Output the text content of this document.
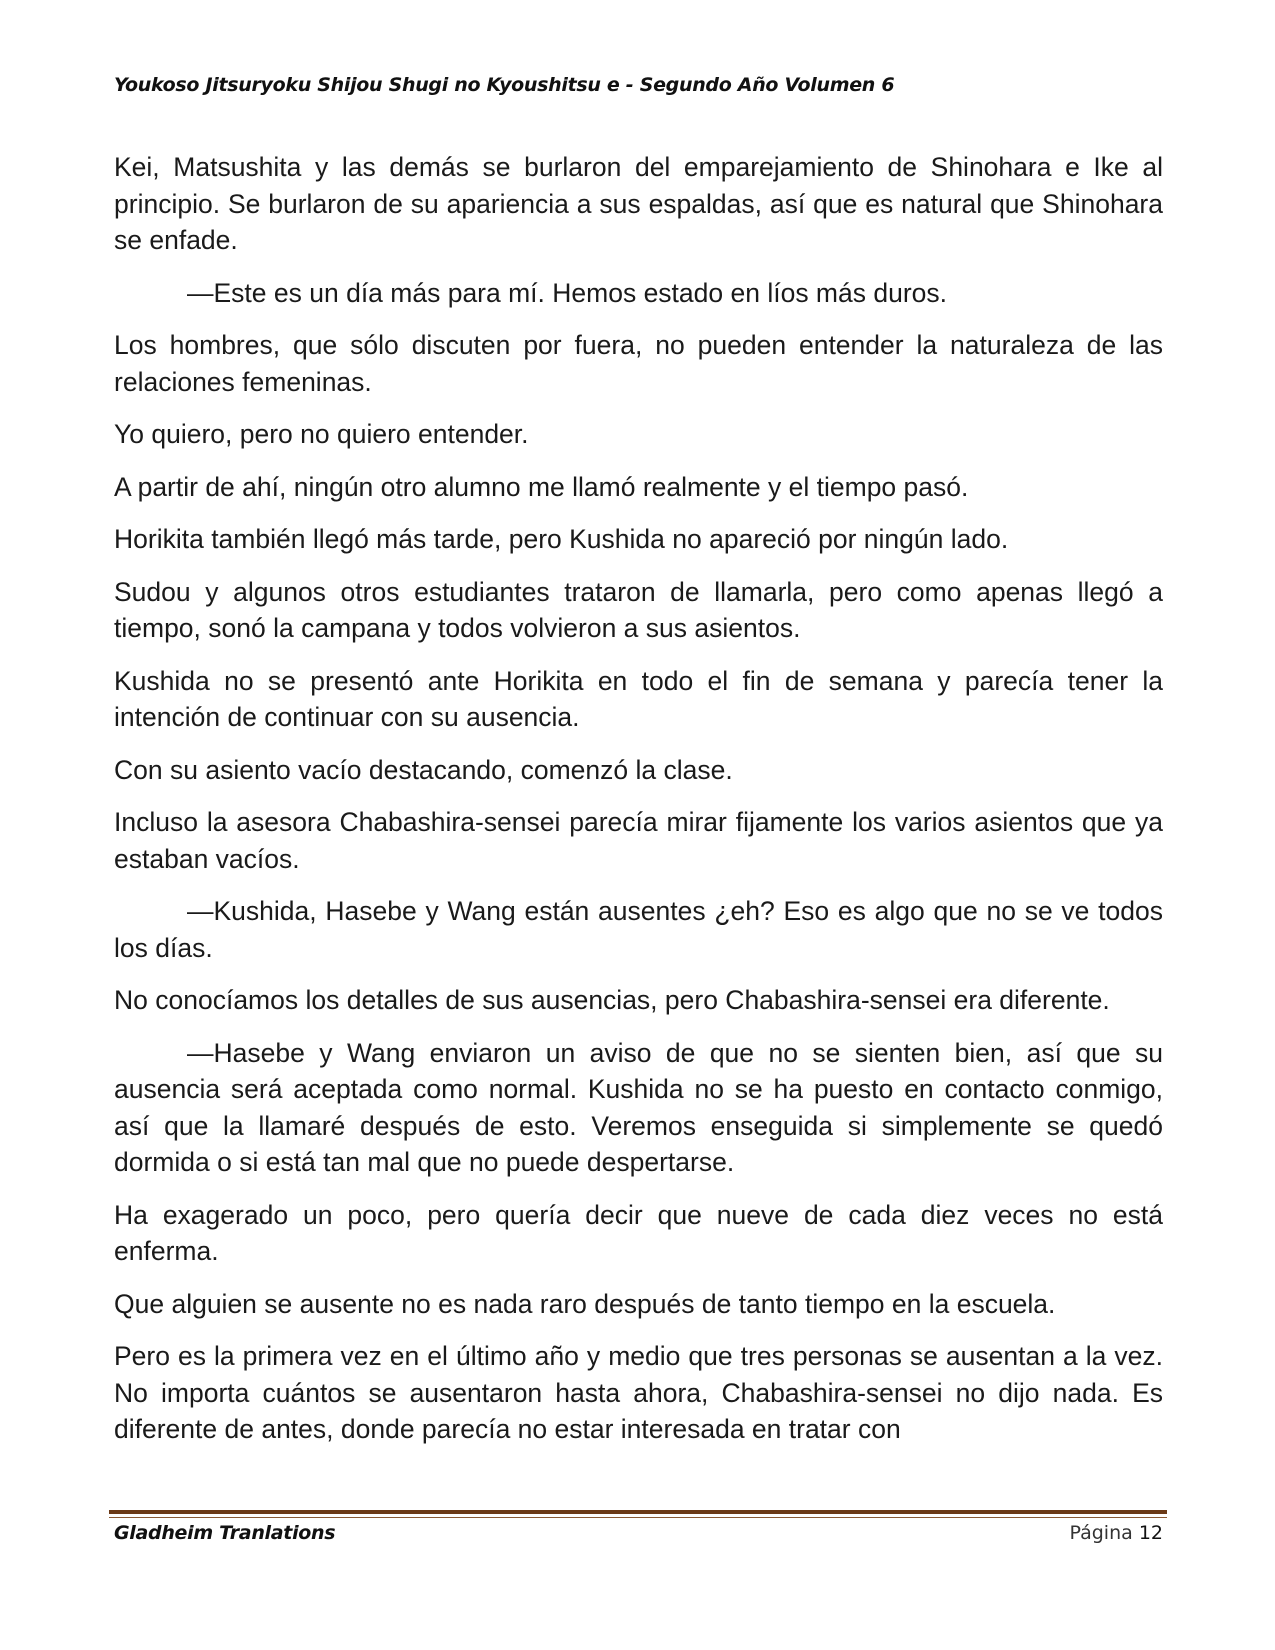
Youkoso Jitsuryoku Shijou Shugi no Kyoushitsu e - Segundo Año Volumen 6

Kei, Matsushita y las demás se burlaron del emparejamiento de Shinohara e Ike al principio. Se burlaron de su apariencia a sus espaldas, así que es natural que Shinohara se enfade.

—Este es un día más para mí. Hemos estado en líos más duros.

Los hombres, que sólo discuten por fuera, no pueden entender la naturaleza de las relaciones femeninas.

Yo quiero, pero no quiero entender.

A partir de ahí, ningún otro alumno me llamó realmente y el tiempo pasó.

Horikita también llegó más tarde, pero Kushida no apareció por ningún lado.

Sudou y algunos otros estudiantes trataron de llamarla, pero como apenas llegó a tiempo, sonó la campana y todos volvieron a sus asientos.

Kushida no se presentó ante Horikita en todo el fin de semana y parecía tener la intención de continuar con su ausencia.

Con su asiento vacío destacando, comenzó la clase.

Incluso la asesora Chabashira-sensei parecía mirar fijamente los varios asientos que ya estaban vacíos.

—Kushida, Hasebe y Wang están ausentes ¿eh? Eso es algo que no se ve todos los días.

No conocíamos los detalles de sus ausencias, pero Chabashira-sensei era diferente.

—Hasebe y Wang enviaron un aviso de que no se sienten bien, así que su ausencia será aceptada como normal. Kushida no se ha puesto en contacto conmigo, así que la llamaré después de esto. Veremos enseguida si simplemente se quedó dormida o si está tan mal que no puede despertarse.

Ha exagerado un poco, pero quería decir que nueve de cada diez veces no está enferma.

Que alguien se ausente no es nada raro después de tanto tiempo en la escuela.

Pero es la primera vez en el último año y medio que tres personas se ausentan a la vez. No importa cuántos se ausentaron hasta ahora, Chabashira-sensei no dijo nada. Es diferente de antes, donde parecía no estar interesada en tratar con

Gladheim Tranlations	Página 12
